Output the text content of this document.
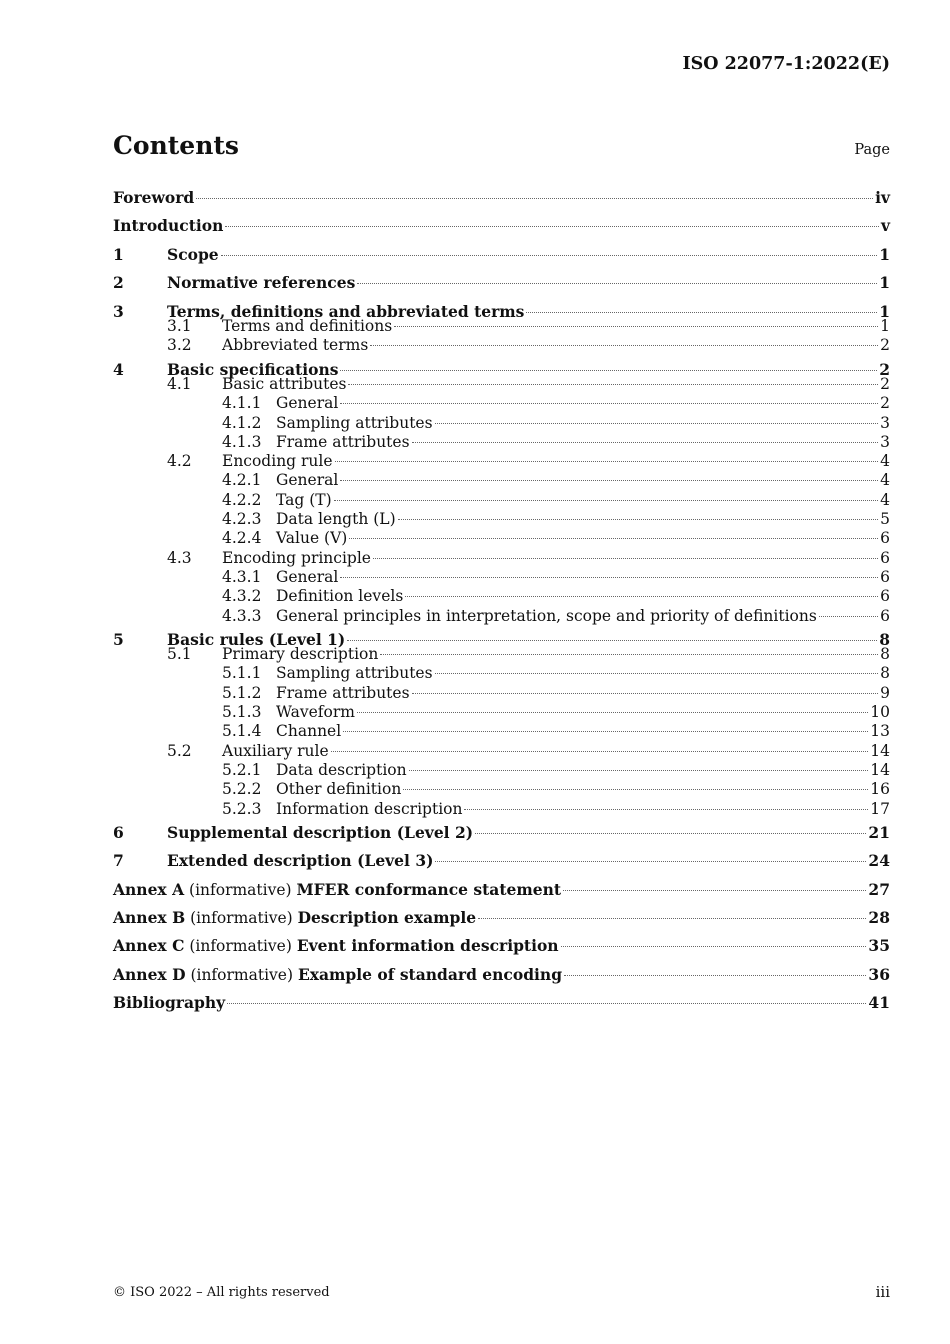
ISO 22077-1:2022(E)
Contents	Page
Foreword	iv
Introduction	v
1	Scope	1
2	Normative references	1
3	Terms, definitions and abbreviated terms	1
3.1	Terms and definitions	1
3.2	Abbreviated terms	2
4	Basic specifications	2
4.1	Basic attributes	2
4.1.1 General	2
4.1.2 Sampling attributes	3
4.1.3 Frame attributes	3
4.2	Encoding rule	4
4.2.1 General	4
4.2.2 Tag (T)	4
4.2.3 Data length (L)	5
4.2.4 Value (V)	6
4.3	Encoding principle	6
4.3.1 General	6
4.3.2 Definition levels	6
4.3.3 General principles in interpretation, scope and priority of definitions	6
5	Basic rules (Level 1)	8
5.1	Primary description	8
5.1.1 Sampling attributes	8
5.1.2 Frame attributes	9
5.1.3 Waveform	10
5.1.4 Channel	13
5.2	Auxiliary rule	14
5.2.1 Data description	14
5.2.2 Other definition	16
5.2.3 Information description	17
6	Supplemental description (Level 2)	21
7	Extended description (Level 3)	24
Annex A (informative) MFER conformance statement	27
Annex B (informative) Description example	28
Annex C (informative) Event information description	35
Annex D (informative) Example of standard encoding	36
Bibliography	41
© ISO 2022 – All rights reserved	iii
